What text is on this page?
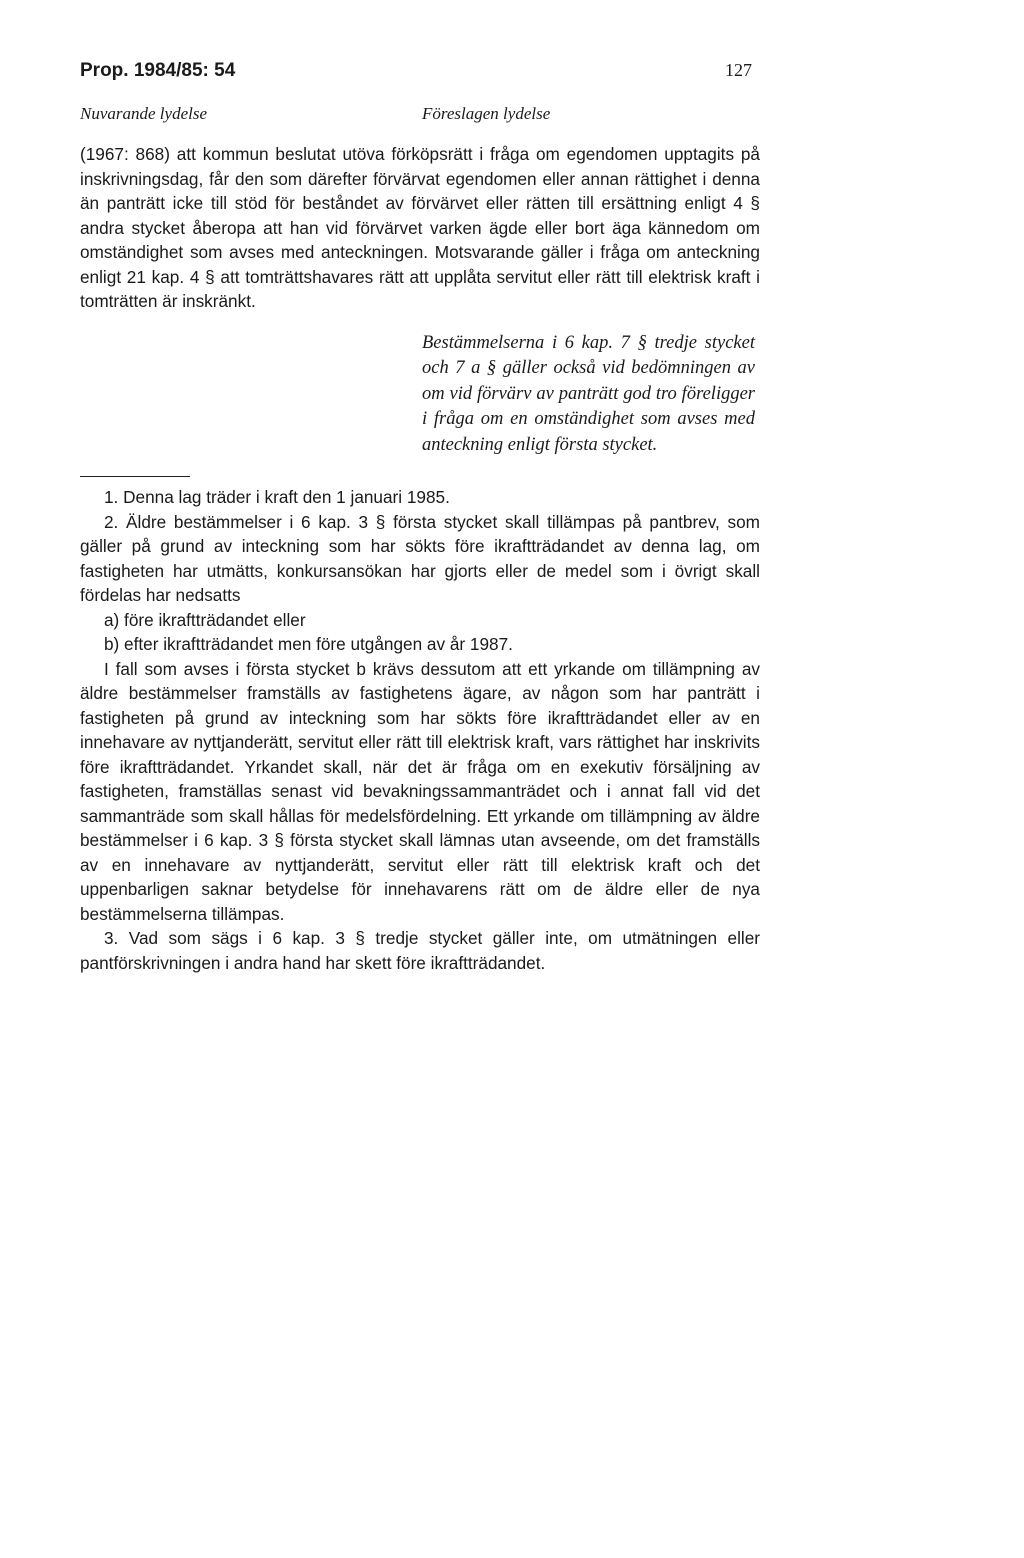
Prop. 1984/85: 54	127
Nuvarande lydelse	Föreslagen lydelse

(1967: 868) att kommun beslutat utöva förköpsrätt i fråga om egendomen upptagits på inskrivningsdag, får den som därefter förvärvat egendomen eller annan rättighet i denna än panträtt icke till stöd för beståndet av förvärvet eller rätten till ersättning enligt 4 § andra stycket åberopa att han vid förvärvet varken ägde eller bort äga kännedom om omständighet som avses med anteckningen. Motsvarande gäller i fråga om anteckning enligt 21 kap. 4 § att tomträttshavares rätt att upplåta servitut eller rätt till elektrisk kraft i tomträtten är inskränkt.

Bestämmelserna i 6 kap. 7 § tredje stycket och 7 a § gäller också vid bedömningen av om vid förvärv av panträtt god tro föreligger i fråga om en omständighet som avses med anteckning enligt första stycket.

1. Denna lag träder i kraft den 1 januari 1985.

2. Äldre bestämmelser i 6 kap. 3 § första stycket skall tillämpas på pantbrev, som gäller på grund av inteckning som har sökts före ikraftträdandet av denna lag, om fastigheten har utmätts, konkursansökan har gjorts eller de medel som i övrigt skall fördelas har nedsatts

a) före ikraftträdandet eller

b) efter ikraftträdandet men före utgången av år 1987.

I fall som avses i första stycket b krävs dessutom att ett yrkande om tillämpning av äldre bestämmelser framställs av fastighetens ägare, av någon som har panträtt i fastigheten på grund av inteckning som har sökts före ikraftträdandet eller av en innehavare av nyttjanderätt, servitut eller rätt till elektrisk kraft, vars rättighet har inskrivits före ikraftträdandet. Yrkandet skall, när det är fråga om en exekutiv försäljning av fastigheten, framställas senast vid bevakningssammanträdet och i annat fall vid det sammanträde som skall hållas för medelsfördelning. Ett yrkande om tillämpning av äldre bestämmelser i 6 kap. 3 § första stycket skall lämnas utan avseende, om det framställs av en innehavare av nyttjanderätt, servitut eller rätt till elektrisk kraft och det uppenbarligen saknar betydelse för innehavarens rätt om de äldre eller de nya bestämmelserna tillämpas.

3. Vad som sägs i 6 kap. 3 § tredje stycket gäller inte, om utmätningen eller pantförskrivningen i andra hand har skett före ikraftträdandet.
